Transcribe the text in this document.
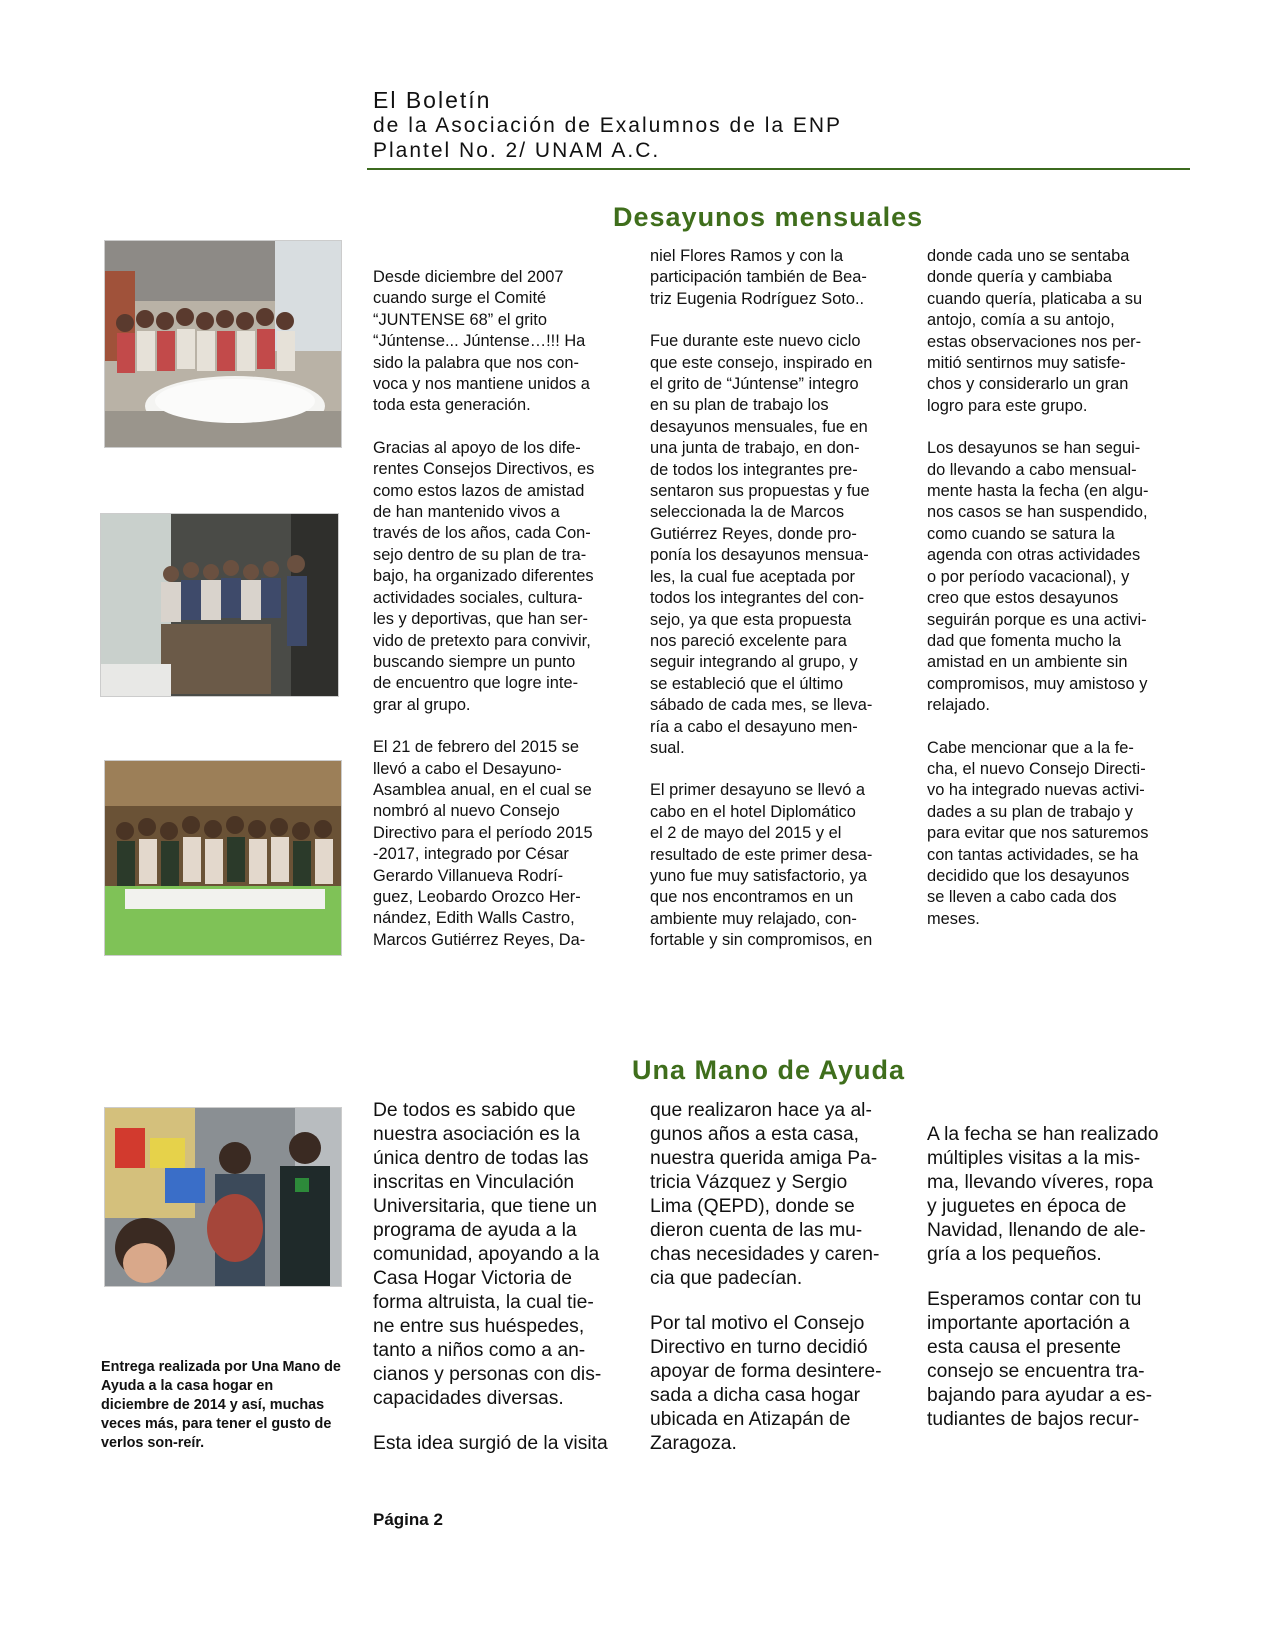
El Boletín
de la Asociación de Exalumnos de la ENP
Plantel No. 2/ UNAM A.C.
Desayunos mensuales

Desde diciembre del 2007
cuando surge el Comité
“JUNTENSE 68” el grito
“Júntense... Júntense…!!! Ha
sido la palabra que nos con-
voca y nos mantiene unidos a
toda esta generación.

Gracias al apoyo de los dife-
rentes Consejos Directivos, es
como estos lazos de amistad
de han mantenido vivos a
través de los años, cada Con-
sejo dentro de su plan de tra-
bajo, ha organizado diferentes
actividades sociales, cultura-
les y deportivas, que han ser-
vido de pretexto para convivir,
buscando siempre un punto
de encuentro que logre inte-
grar al grupo.

El 21 de febrero del 2015 se
llevó a cabo el Desayuno-
Asamblea anual, en el cual se
nombró al nuevo Consejo
Directivo para el período 2015
-2017, integrado por César
Gerardo Villanueva Rodrí-
guez, Leobardo Orozco Her-
nández, Edith Walls Castro,
Marcos Gutiérrez Reyes, Da-

niel Flores Ramos y con la
participación también de Bea-
triz Eugenia Rodríguez Soto..

Fue durante este nuevo ciclo
que este consejo, inspirado en
el grito de “Júntense” integro
en su plan de trabajo los
desayunos mensuales, fue en
una junta de trabajo, en don-
de todos los integrantes pre-
sentaron sus propuestas y fue
seleccionada la de Marcos
Gutiérrez Reyes, donde pro-
ponía los desayunos mensua-
les, la cual fue aceptada por
todos los integrantes del con-
sejo, ya que esta propuesta
nos pareció excelente para
seguir integrando al grupo, y
se estableció que el último
sábado de cada mes, se lleva-
ría a cabo el desayuno men-
sual.

El primer desayuno se llevó a
cabo en el hotel Diplomático
el 2 de mayo del 2015 y el
resultado de este primer desa-
yuno fue muy satisfactorio, ya
que nos encontramos en un
ambiente muy relajado, con-
fortable y sin compromisos, en

donde cada uno se sentaba
donde quería y cambiaba
cuando quería, platicaba a su
antojo, comía a su antojo,
estas observaciones nos per-
mitió sentirnos muy satisfe-
chos y considerarlo un gran
logro para este grupo.

Los desayunos se han segui-
do llevando a cabo mensual-
mente hasta la fecha (en algu-
nos casos se han suspendido,
como cuando se satura la
agenda con otras actividades
o por período vacacional), y
creo que estos desayunos
seguirán porque es una activi-
dad que fomenta mucho la
amistad en un ambiente sin
compromisos, muy amistoso y
relajado.

Cabe mencionar que a la fe-
cha, el nuevo Consejo Directi-
vo ha integrado nuevas activi-
dades a su plan de trabajo y
para evitar que nos saturemos
con tantas actividades, se ha
decidido que los desayunos
se lleven a cabo cada dos
meses.

Una Mano de Ayuda

Entrega realizada por Una Mano de Ayuda a la casa hogar en diciembre de 2014 y así, muchas veces más, para tener el gusto de verlos son-reír.

De todos es sabido que
nuestra asociación es la
única dentro de todas las
inscritas en Vinculación
Universitaria, que tiene un
programa de ayuda a la
comunidad, apoyando a la
Casa Hogar Victoria de
forma altruista, la cual tie-
ne entre sus huéspedes,
tanto a niños como a an-
cianos y personas con dis-
capacidades diversas.

Esta idea surgió de la visita

que realizaron hace ya al-
gunos años a esta casa,
nuestra querida amiga Pa-
tricia Vázquez y Sergio
Lima (QEPD), donde se
dieron cuenta de las mu-
chas necesidades y caren-
cia que padecían.

Por tal motivo el Consejo
Directivo en turno decidió
apoyar de forma desintere-
sada a dicha casa hogar
ubicada en Atizapán de
Zaragoza.

A la fecha se han realizado
múltiples visitas a la mis-
ma, llevando víveres, ropa
y juguetes en época de
Navidad, llenando de ale-
gría a los pequeños.

Esperamos contar con tu
importante aportación a
esta causa el presente
consejo se encuentra tra-
bajando para ayudar a es-
tudiantes de bajos recur-

Página 2
